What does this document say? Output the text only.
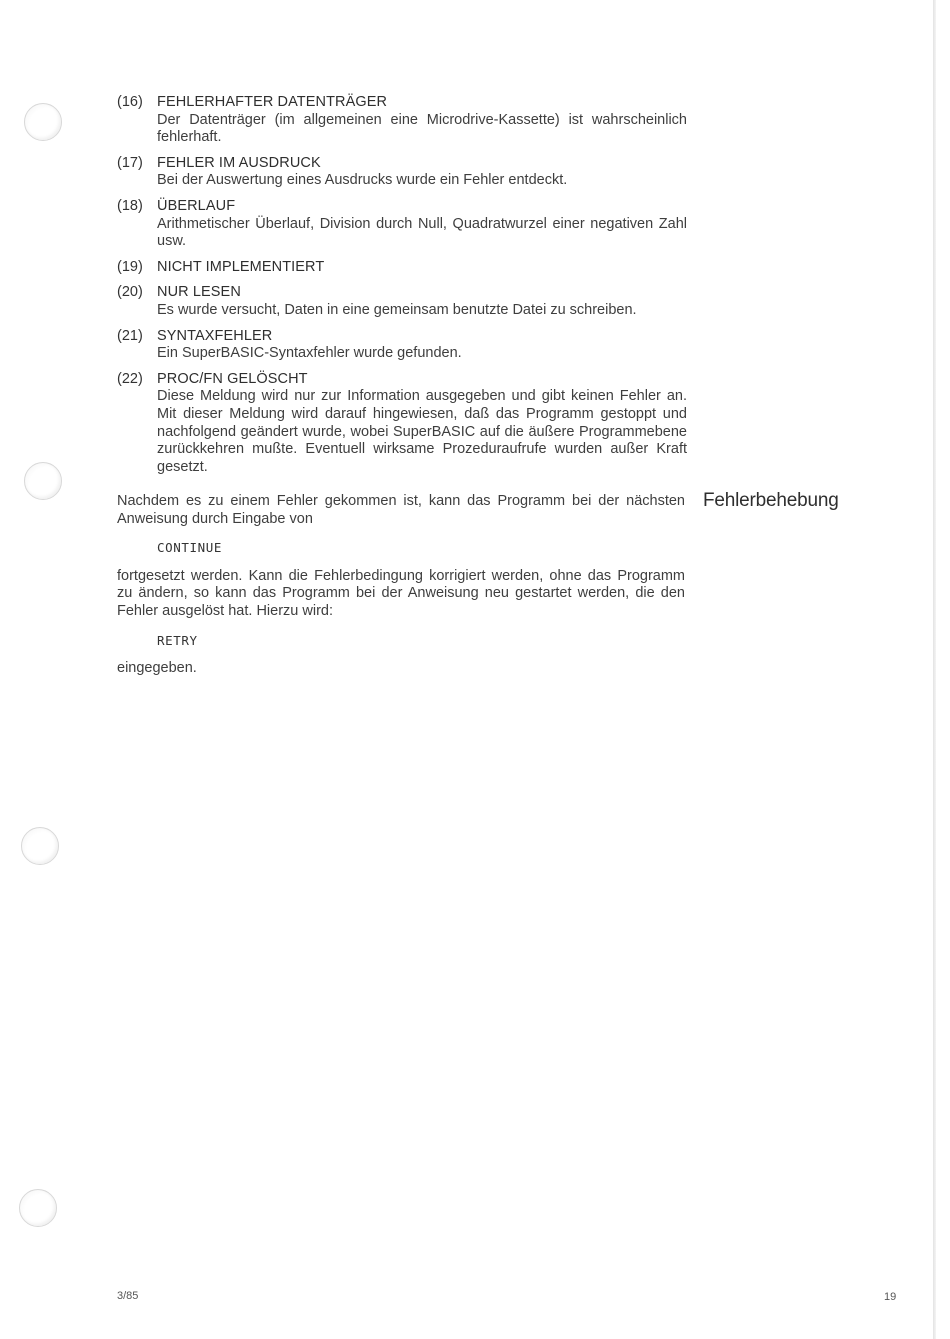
(16) FEHLERHAFTER DATENTRÄGER
Der Datenträger (im allgemeinen eine Microdrive-Kassette) ist wahrscheinlich fehlerhaft.
(17) FEHLER IM AUSDRUCK
Bei der Auswertung eines Ausdrucks wurde ein Fehler entdeckt.
(18) ÜBERLAUF
Arithmetischer Überlauf, Division durch Null, Quadratwurzel einer negativen Zahl usw.
(19) NICHT IMPLEMENTIERT
(20) NUR LESEN
Es wurde versucht, Daten in eine gemeinsam benutzte Datei zu schreiben.
(21) SYNTAXFEHLER
Ein SuperBASIC-Syntaxfehler wurde gefunden.
(22) PROC/FN GELÖSCHT
Diese Meldung wird nur zur Information ausgegeben und gibt keinen Fehler an. Mit dieser Meldung wird darauf hingewiesen, daß das Programm gestoppt und nachfolgend geändert wurde, wobei SuperBASIC auf die äußere Programmebene zurückkehren mußte. Eventuell wirksame Prozeduraufrufe wurden außer Kraft gesetzt.
Fehlerbehebung

Nachdem es zu einem Fehler gekommen ist, kann das Programm bei der nächsten Anweisung durch Eingabe von

CONTINUE

fortgesetzt werden. Kann die Fehlerbedingung korrigiert werden, ohne das Programm zu ändern, so kann das Programm bei der Anweisung neu gestartet werden, die den Fehler ausgelöst hat. Hierzu wird:

RETRY

eingegeben.

3/85	19
